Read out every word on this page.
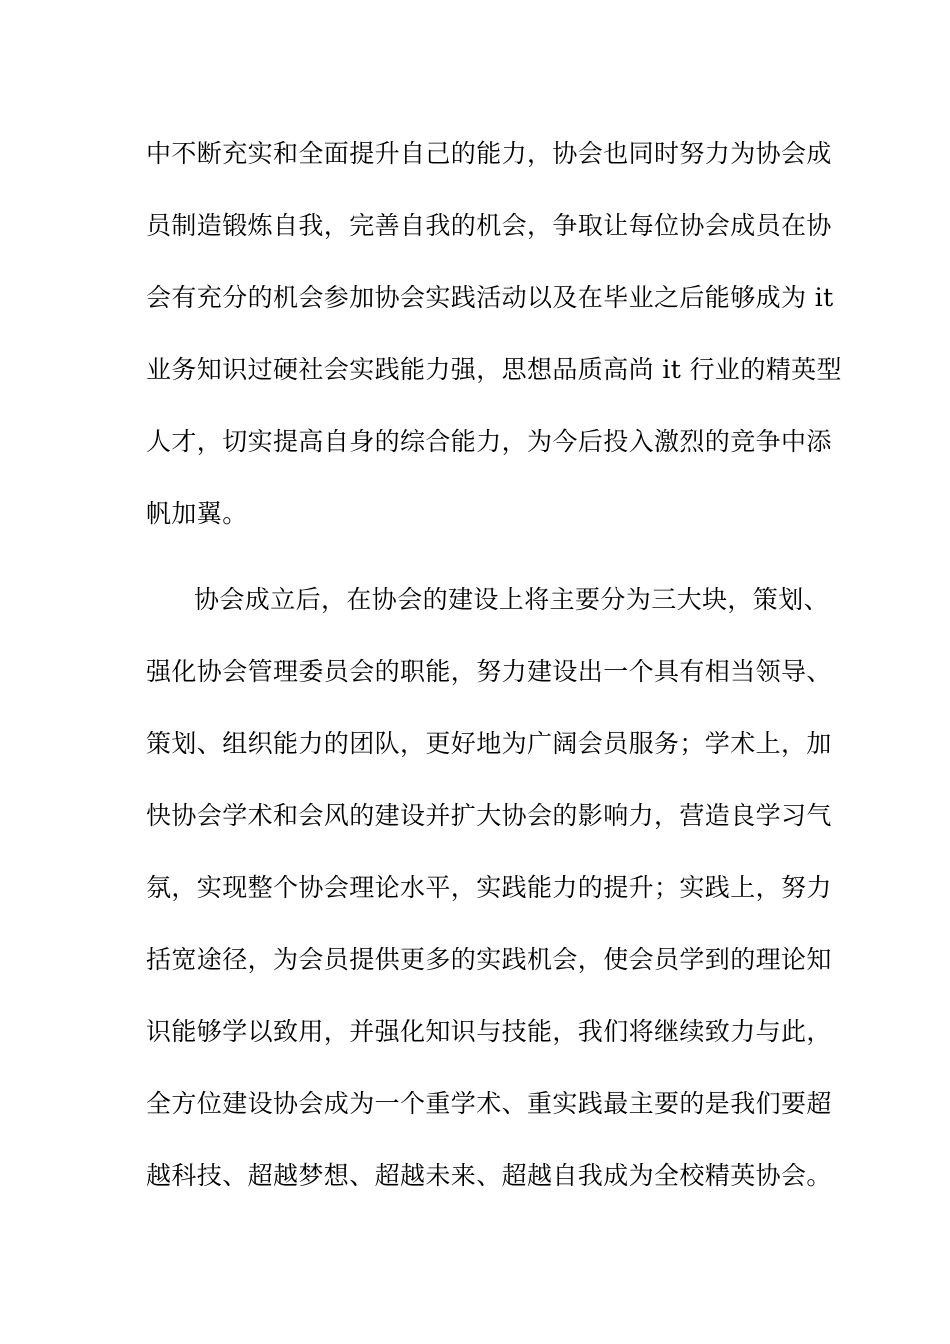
中不断充实和全面提升自己的能力，协会也同时努力为协会成
员制造锻炼自我，完善自我的机会，争取让每位协会成员在协
会有充分的机会参加协会实践活动以及在毕业之后能够成为 it
业务知识过硬社会实践能力强，思想品质高尚 it 行业的精英型
人才，切实提高自身的综合能力，为今后投入激烈的竞争中添
帆加翼。
协会成立后，在协会的建设上将主要分为三大块，策划、
强化协会管理委员会的职能，努力建设出一个具有相当领导、
策划、组织能力的团队，更好地为广阔会员服务；学术上，加
快协会学术和会风的建设并扩大协会的影响力，营造良学习气
氛，实现整个协会理论水平，实践能力的提升；实践上，努力
括宽途径，为会员提供更多的实践机会，使会员学到的理论知
识能够学以致用，并强化知识与技能，我们将继续致力与此，
全方位建设协会成为一个重学术、重实践最主要的是我们要超
越科技、超越梦想、超越未来、超越自我成为全校精英协会。
